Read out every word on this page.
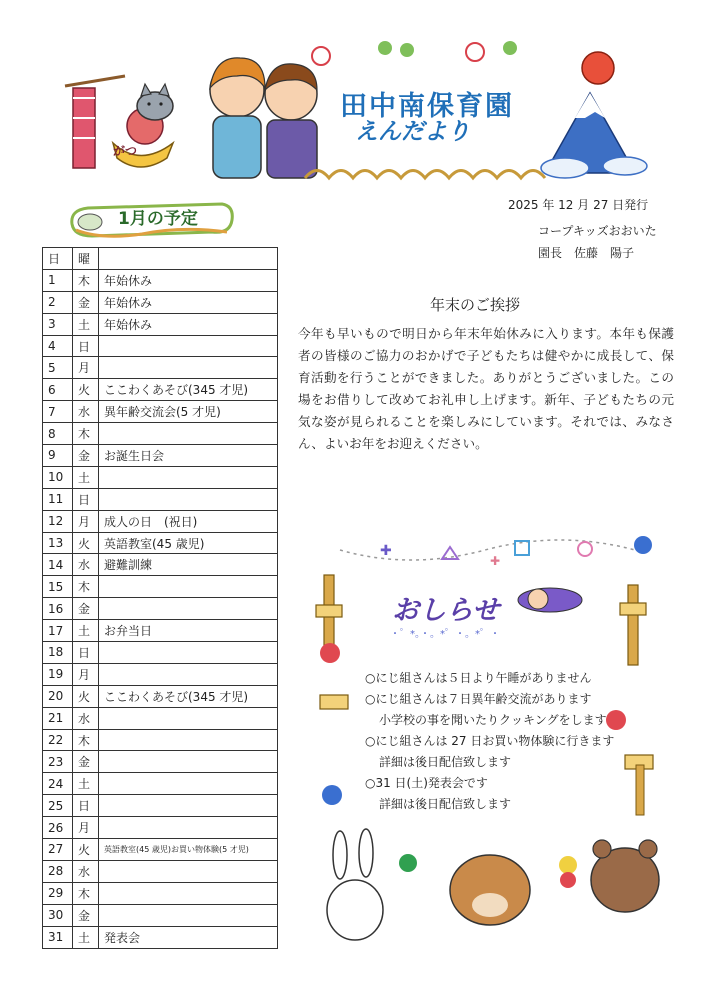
がつ
田中南保育園
えんだより
2025 年 12 月 27 日発行
コープキッズおおいた
園長　佐藤　陽子
1月の予定
日	曜	
1	木	年始休み
2	金	年始休み
3	土	年始休み
4	日	
5	月	
6	火	ここわくあそび(345 才児)
7	水	異年齢交流会(5 才児)
8	木	
9	金	お誕生日会
10	土	
11	日	
12	月	成人の日　(祝日)
13	火	英語教室(45 歳児)
14	水	避難訓練
15	木	
16	金	
17	土	お弁当日
18	日	
19	月	
20	火	ここわくあそび(345 才児)
21	水	
22	木	
23	金	
24	土	
25	日	
26	月	
27	火	英語教室(45 歳児)お買い物体験(5 才児)
28	水	
29	木	
30	金	
31	土	発表会
年末のご挨拶
今年も早いもので明日から年末年始休みに入ります。本年も保護者の皆様のご協力のおかげで子どもたちは健やかに成長して、保育活動を行うことができました。ありがとうございました。この場をお借りして改めてお礼申し上げます。新年、子どもたちの元気な姿が見られることを楽しみにしています。それでは、みなさん、よいお年をお迎えください。
✚
✚
・゜*。・。*゜・。*゜・
おしらせ
○にじ組さんは５日より午睡がありません
○にじ組さんは７日異年齢交流があります
小学校の事を聞いたりクッキングをします
○にじ組さんは 27 日お買い物体験に行きます
詳細は後日配信致します
○31 日(土)発表会です
詳細は後日配信致します
